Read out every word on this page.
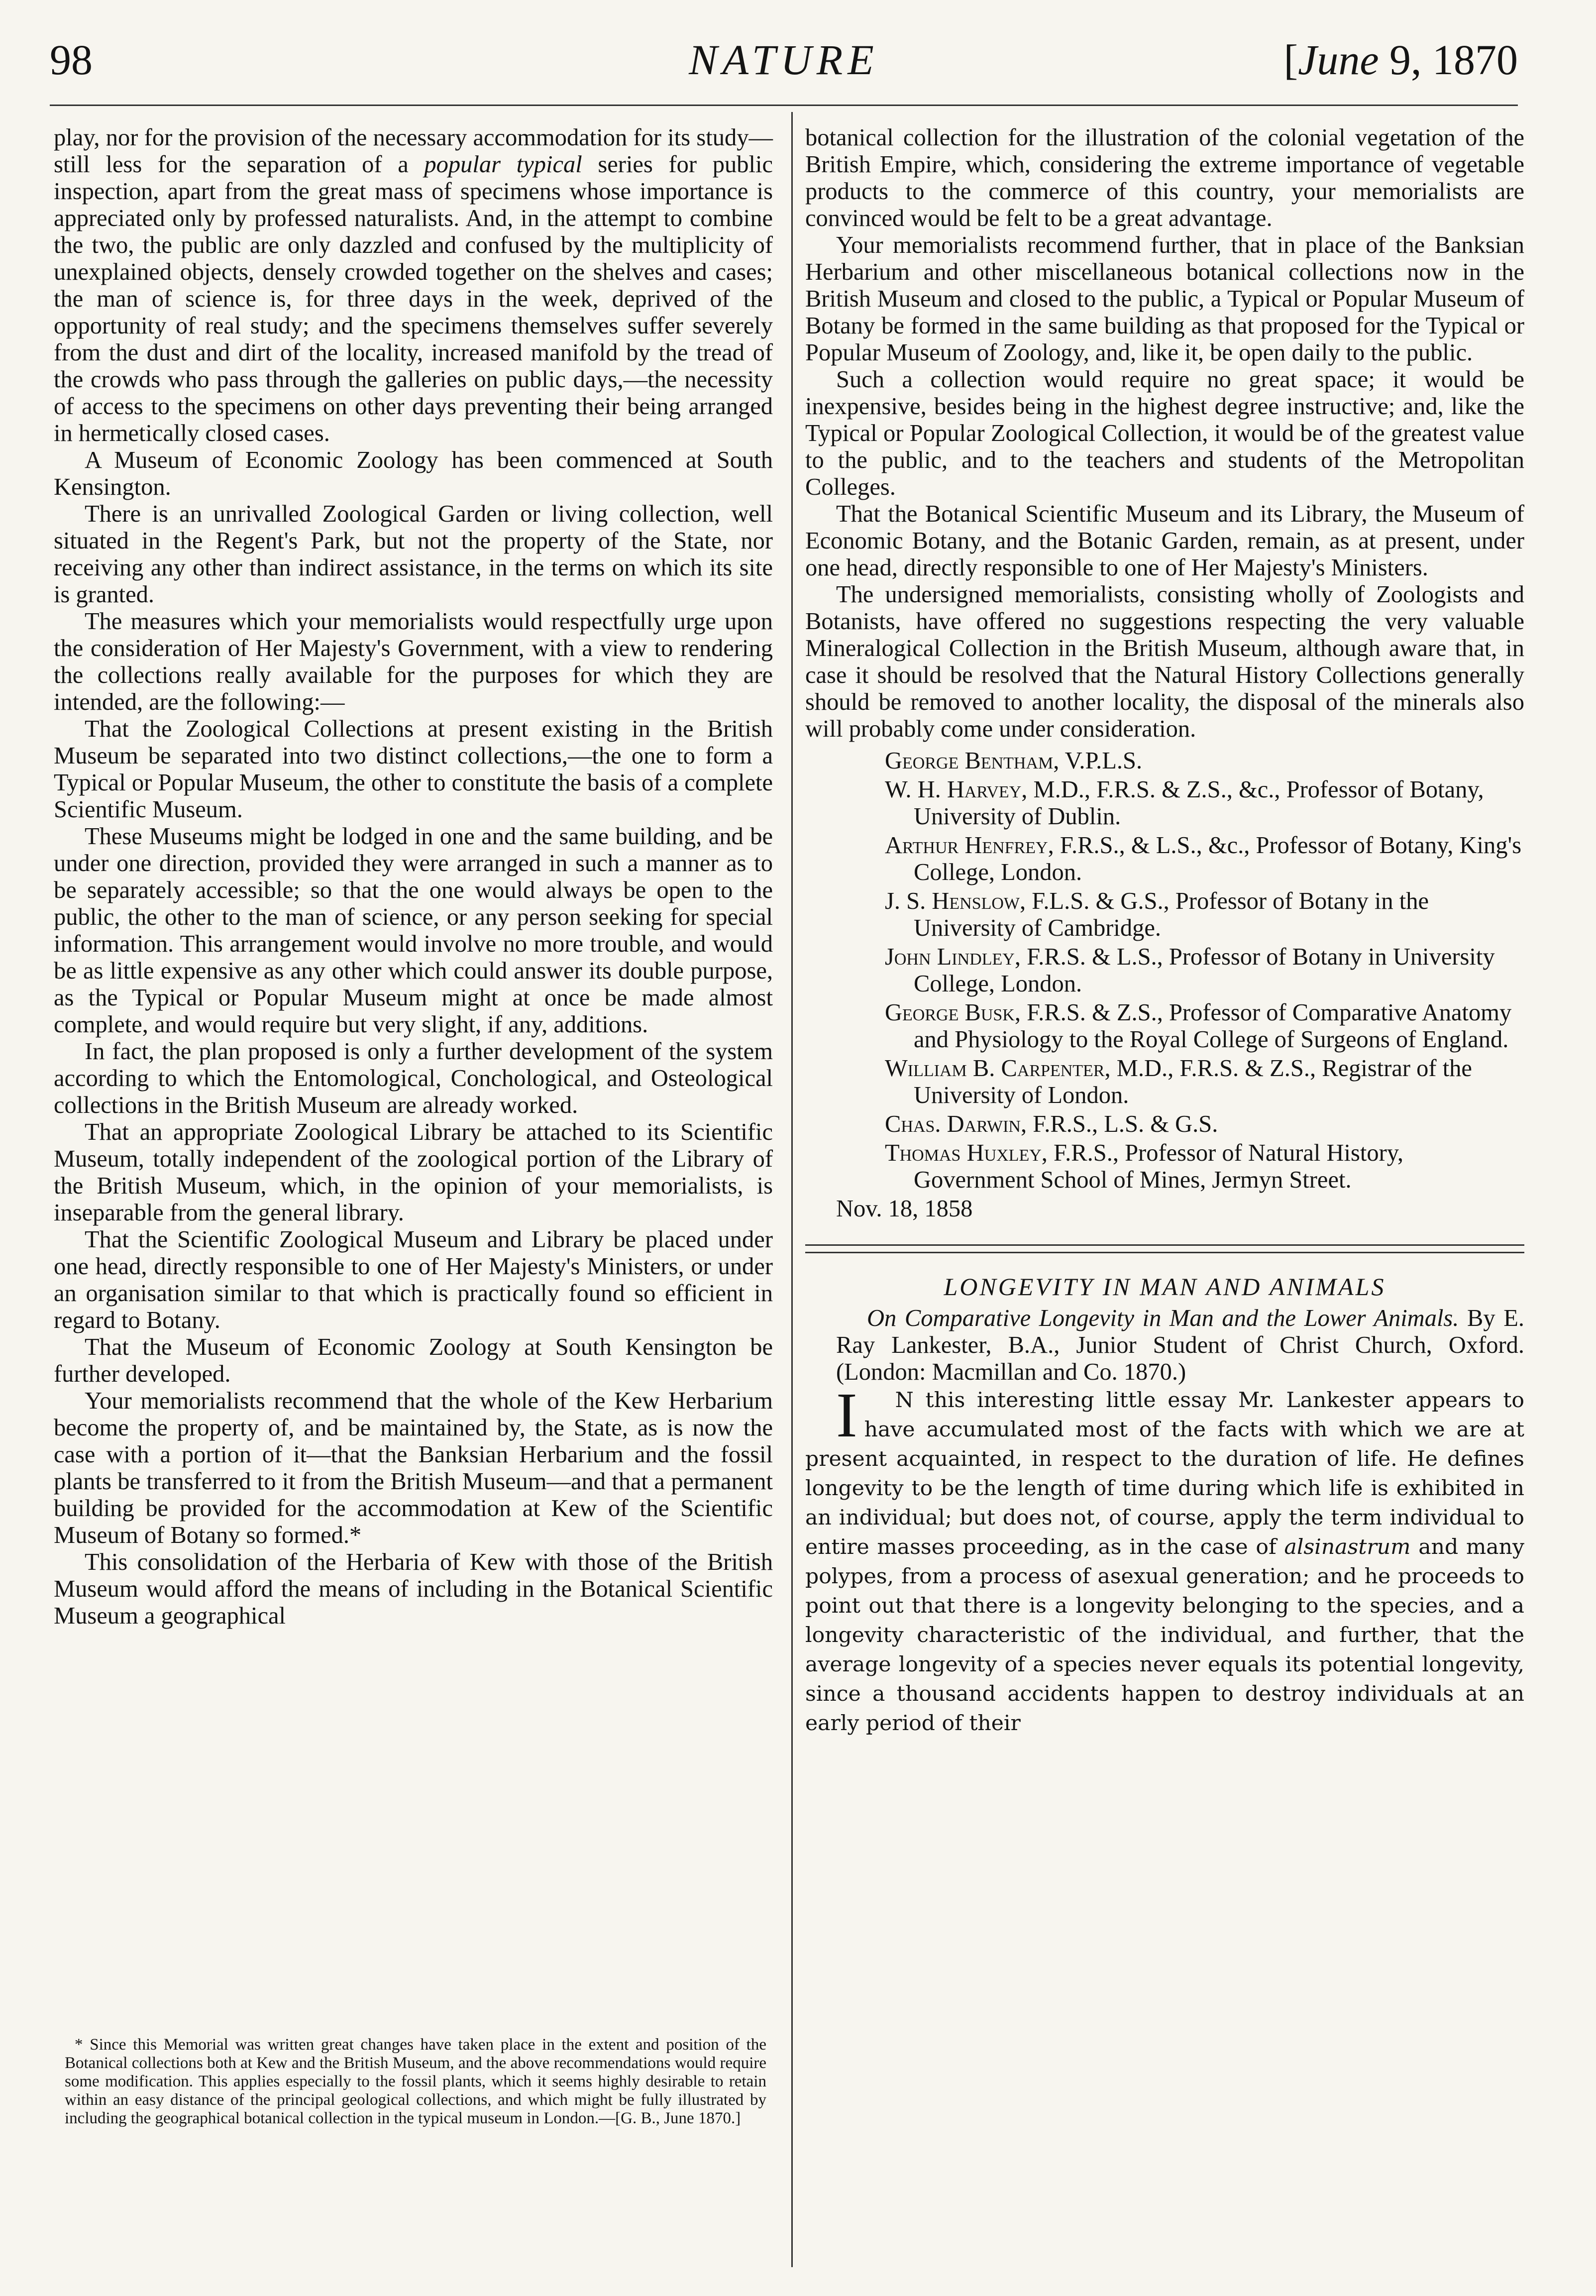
98	NATURE	[June 9, 1870

play, nor for the provision of the necessary accommodation for its study—still less for the separation of a popular typical series for public inspection, apart from the great mass of specimens whose importance is appreciated only by professed naturalists. And, in the attempt to combine the two, the public are only dazzled and confused by the multiplicity of unexplained objects, densely crowded together on the shelves and cases; the man of science is, for three days in the week, deprived of the opportunity of real study; and the specimens themselves suffer severely from the dust and dirt of the locality, increased manifold by the tread of the crowds who pass through the galleries on public days,—the necessity of access to the specimens on other days preventing their being arranged in hermetically closed cases.

A Museum of Economic Zoology has been commenced at South Kensington.

There is an unrivalled Zoological Garden or living collection, well situated in the Regent's Park, but not the property of the State, nor receiving any other than indirect assistance, in the terms on which its site is granted.

The measures which your memorialists would respectfully urge upon the consideration of Her Majesty's Government, with a view to rendering the collections really available for the purposes for which they are intended, are the following:—

That the Zoological Collections at present existing in the British Museum be separated into two distinct collections,—the one to form a Typical or Popular Museum, the other to constitute the basis of a complete Scientific Museum.

These Museums might be lodged in one and the same building, and be under one direction, provided they were arranged in such a manner as to be separately accessible; so that the one would always be open to the public, the other to the man of science, or any person seeking for special information. This arrangement would involve no more trouble, and would be as little expensive as any other which could answer its double purpose, as the Typical or Popular Museum might at once be made almost complete, and would require but very slight, if any, additions.

In fact, the plan proposed is only a further development of the system according to which the Entomological, Conchological, and Osteological collections in the British Museum are already worked.

That an appropriate Zoological Library be attached to its Scientific Museum, totally independent of the zoological portion of the Library of the British Museum, which, in the opinion of your memorialists, is inseparable from the general library.

That the Scientific Zoological Museum and Library be placed under one head, directly responsible to one of Her Majesty's Ministers, or under an organisation similar to that which is practically found so efficient in regard to Botany.

That the Museum of Economic Zoology at South Kensington be further developed.

Your memorialists recommend that the whole of the Kew Herbarium become the property of, and be maintained by, the State, as is now the case with a portion of it—that the Banksian Herbarium and the fossil plants be transferred to it from the British Museum—and that a permanent building be provided for the accommodation at Kew of the Scientific Museum of Botany so formed.*

This consolidation of the Herbaria of Kew with those of the British Museum would afford the means of including in the Botanical Scientific Museum a geographical

* Since this Memorial was written great changes have taken place in the extent and position of the Botanical collections both at Kew and the British Museum, and the above recommendations would require some modification. This applies especially to the fossil plants, which it seems highly desirable to retain within an easy distance of the principal geological collections, and which might be fully illustrated by including the geographical botanical collection in the typical museum in London.—[G. B., June 1870.]

botanical collection for the illustration of the colonial vegetation of the British Empire, which, considering the extreme importance of vegetable products to the commerce of this country, your memorialists are convinced would be felt to be a great advantage.

Your memorialists recommend further, that in place of the Banksian Herbarium and other miscellaneous botanical collections now in the British Museum and closed to the public, a Typical or Popular Museum of Botany be formed in the same building as that proposed for the Typical or Popular Museum of Zoology, and, like it, be open daily to the public.

Such a collection would require no great space; it would be inexpensive, besides being in the highest degree instructive; and, like the Typical or Popular Zoological Collection, it would be of the greatest value to the public, and to the teachers and students of the Metropolitan Colleges.

That the Botanical Scientific Museum and its Library, the Museum of Economic Botany, and the Botanic Garden, remain, as at present, under one head, directly responsible to one of Her Majesty's Ministers.

The undersigned memorialists, consisting wholly of Zoologists and Botanists, have offered no suggestions respecting the very valuable Mineralogical Collection in the British Museum, although aware that, in case it should be resolved that the Natural History Collections generally should be removed to another locality, the disposal of the minerals also will probably come under consideration.

George Bentham, V.P.L.S.
W. H. Harvey, M.D., F.R.S. & Z.S., &c., Professor of Botany, University of Dublin.
Arthur Henfrey, F.R.S., & L.S., &c., Professor of Botany, King's College, London.
J. S. Henslow, F.L.S. & G.S., Professor of Botany in the University of Cambridge.
John Lindley, F.R.S. & L.S., Professor of Botany in University College, London.
George Busk, F.R.S. & Z.S., Professor of Comparative Anatomy and Physiology to the Royal College of Surgeons of England.
William B. Carpenter, M.D., F.R.S. & Z.S., Registrar of the University of London.
Chas. Darwin, F.R.S., L.S. & G.S.
Thomas Huxley, F.R.S., Professor of Natural History, Government School of Mines, Jermyn Street.

Nov. 18, 1858

LONGEVITY IN MAN AND ANIMALS

On Comparative Longevity in Man and the Lower Animals. By E. Ray Lankester, B.A., Junior Student of Christ Church, Oxford. (London: Macmillan and Co. 1870.)

I N this interesting little essay Mr. Lankester appears to have accumulated most of the facts with which we are at present acquainted, in respect to the duration of life. He defines longevity to be the length of time during which life is exhibited in an individual; but does not, of course, apply the term individual to entire masses proceeding, as in the case of alsinastrum and many polypes, from a process of asexual generation; and he proceeds to point out that there is a longevity belonging to the species, and a longevity characteristic of the individual, and further, that the average longevity of a species never equals its potential longevity, since a thousand accidents happen to destroy individuals at an early period of their
